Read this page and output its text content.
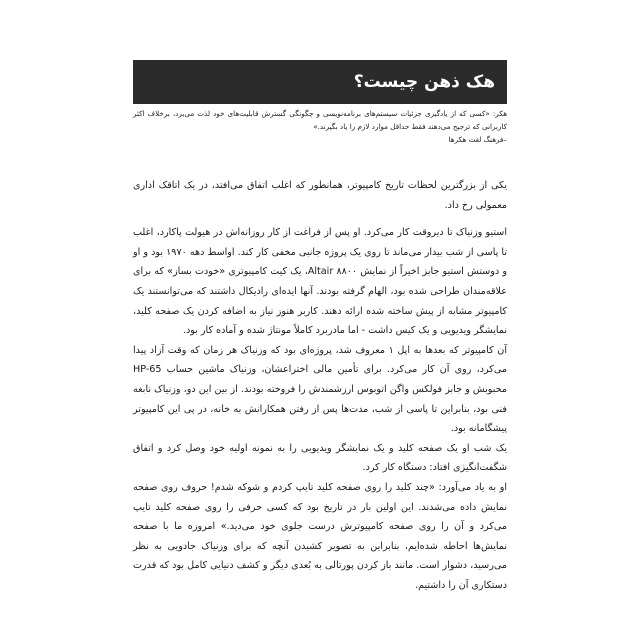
هک ذهن چیست؟
هکر: «کسی که از یادگیری جزئیات سیستم‌های برنامه‌نویسی و چگونگی گسترش قابلیت‌های خود لذت می‌برد، برخلاف اکثر کاربرانی که ترجیح می‌دهند فقط حداقل موارد لازم را یاد بگیرند.»
–فرهنگ لغت هکرها

یکی از بزرگترین لحظات تاریخ کامپیوتر، همانطور که اغلب اتفاق می‌افتد، در یک اتاقک اداری معمولی رخ داد.

استیو وزنیاک تا دیروقت کار می‌کرد. او پس از فراغت از کار روزانه‌اش در هیولت پاکارد، اغلب تا پاسی از شب بیدار می‌ماند تا روی یک پروژه جانبی مخفی کار کند. اواسط دهه ۱۹۷۰ بود و او و دوستش استیو جابز اخیراً از نمایش Altair ۸۸۰۰، یک کیت کامپیوتری «خودت بساز» که برای علاقه‌مندان طراحی شده بود، الهام گرفته بودند. آنها ایده‌ای رادیکال داشتند که می‌توانستند یک کامپیوتر مشابه از پیش ساخته شده ارائه دهند. کاربر هنوز نیاز به اضافه کردن یک صفحه کلید، نمایشگر ویدیویی و یک کیس داشت - اما مادربرد کاملاً مونتاژ شده و آماده کار بود.

آن کامپیوتر که بعدها به اپل ۱ معروف شد، پروژه‌ای بود که وزنیاک هر زمان که وقت آزاد پیدا می‌کرد، روی آن کار می‌کرد. برای تأمین مالی اختراعشان، وزنیاک ماشین حساب HP-65 محبوبش و جابز فولکس واگن اتوبوس ارزشمندش را فروخته بودند. از بین این دو، وزنیاک نابغه فنی بود، بنابراین تا پاسی از شب، مدت‌ها پس از رفتن همکارانش به خانه، در پی این کامپیوتر پیشگامانه بود.

یک شب او یک صفحه کلید و یک نمایشگر ویدیویی را به نمونه اولیه خود وصل کرد و اتفاق شگفت‌انگیزی افتاد: دستگاه کار کرد.

او به یاد می‌آورد: «چند کلید را روی صفحه کلید تایپ کردم و شوکه شدم! حروف روی صفحه نمایش داده می‌شدند. این اولین بار در تاریخ بود که کسی حرفی را روی صفحه کلید تایپ می‌کرد و آن را روی صفحه کامپیوترش درست جلوی خود می‌دید.» امروزه ما با صفحه نمایش‌ها احاطه شده‌ایم، بنابراین به تصویر کشیدن آنچه که برای وزنیاک جادویی به نظر می‌رسید، دشوار است. مانند باز کردن پورتالی به بُعدی دیگر و کشف دنیایی کامل بود که قدرت دستکاری آن را داشتیم.
